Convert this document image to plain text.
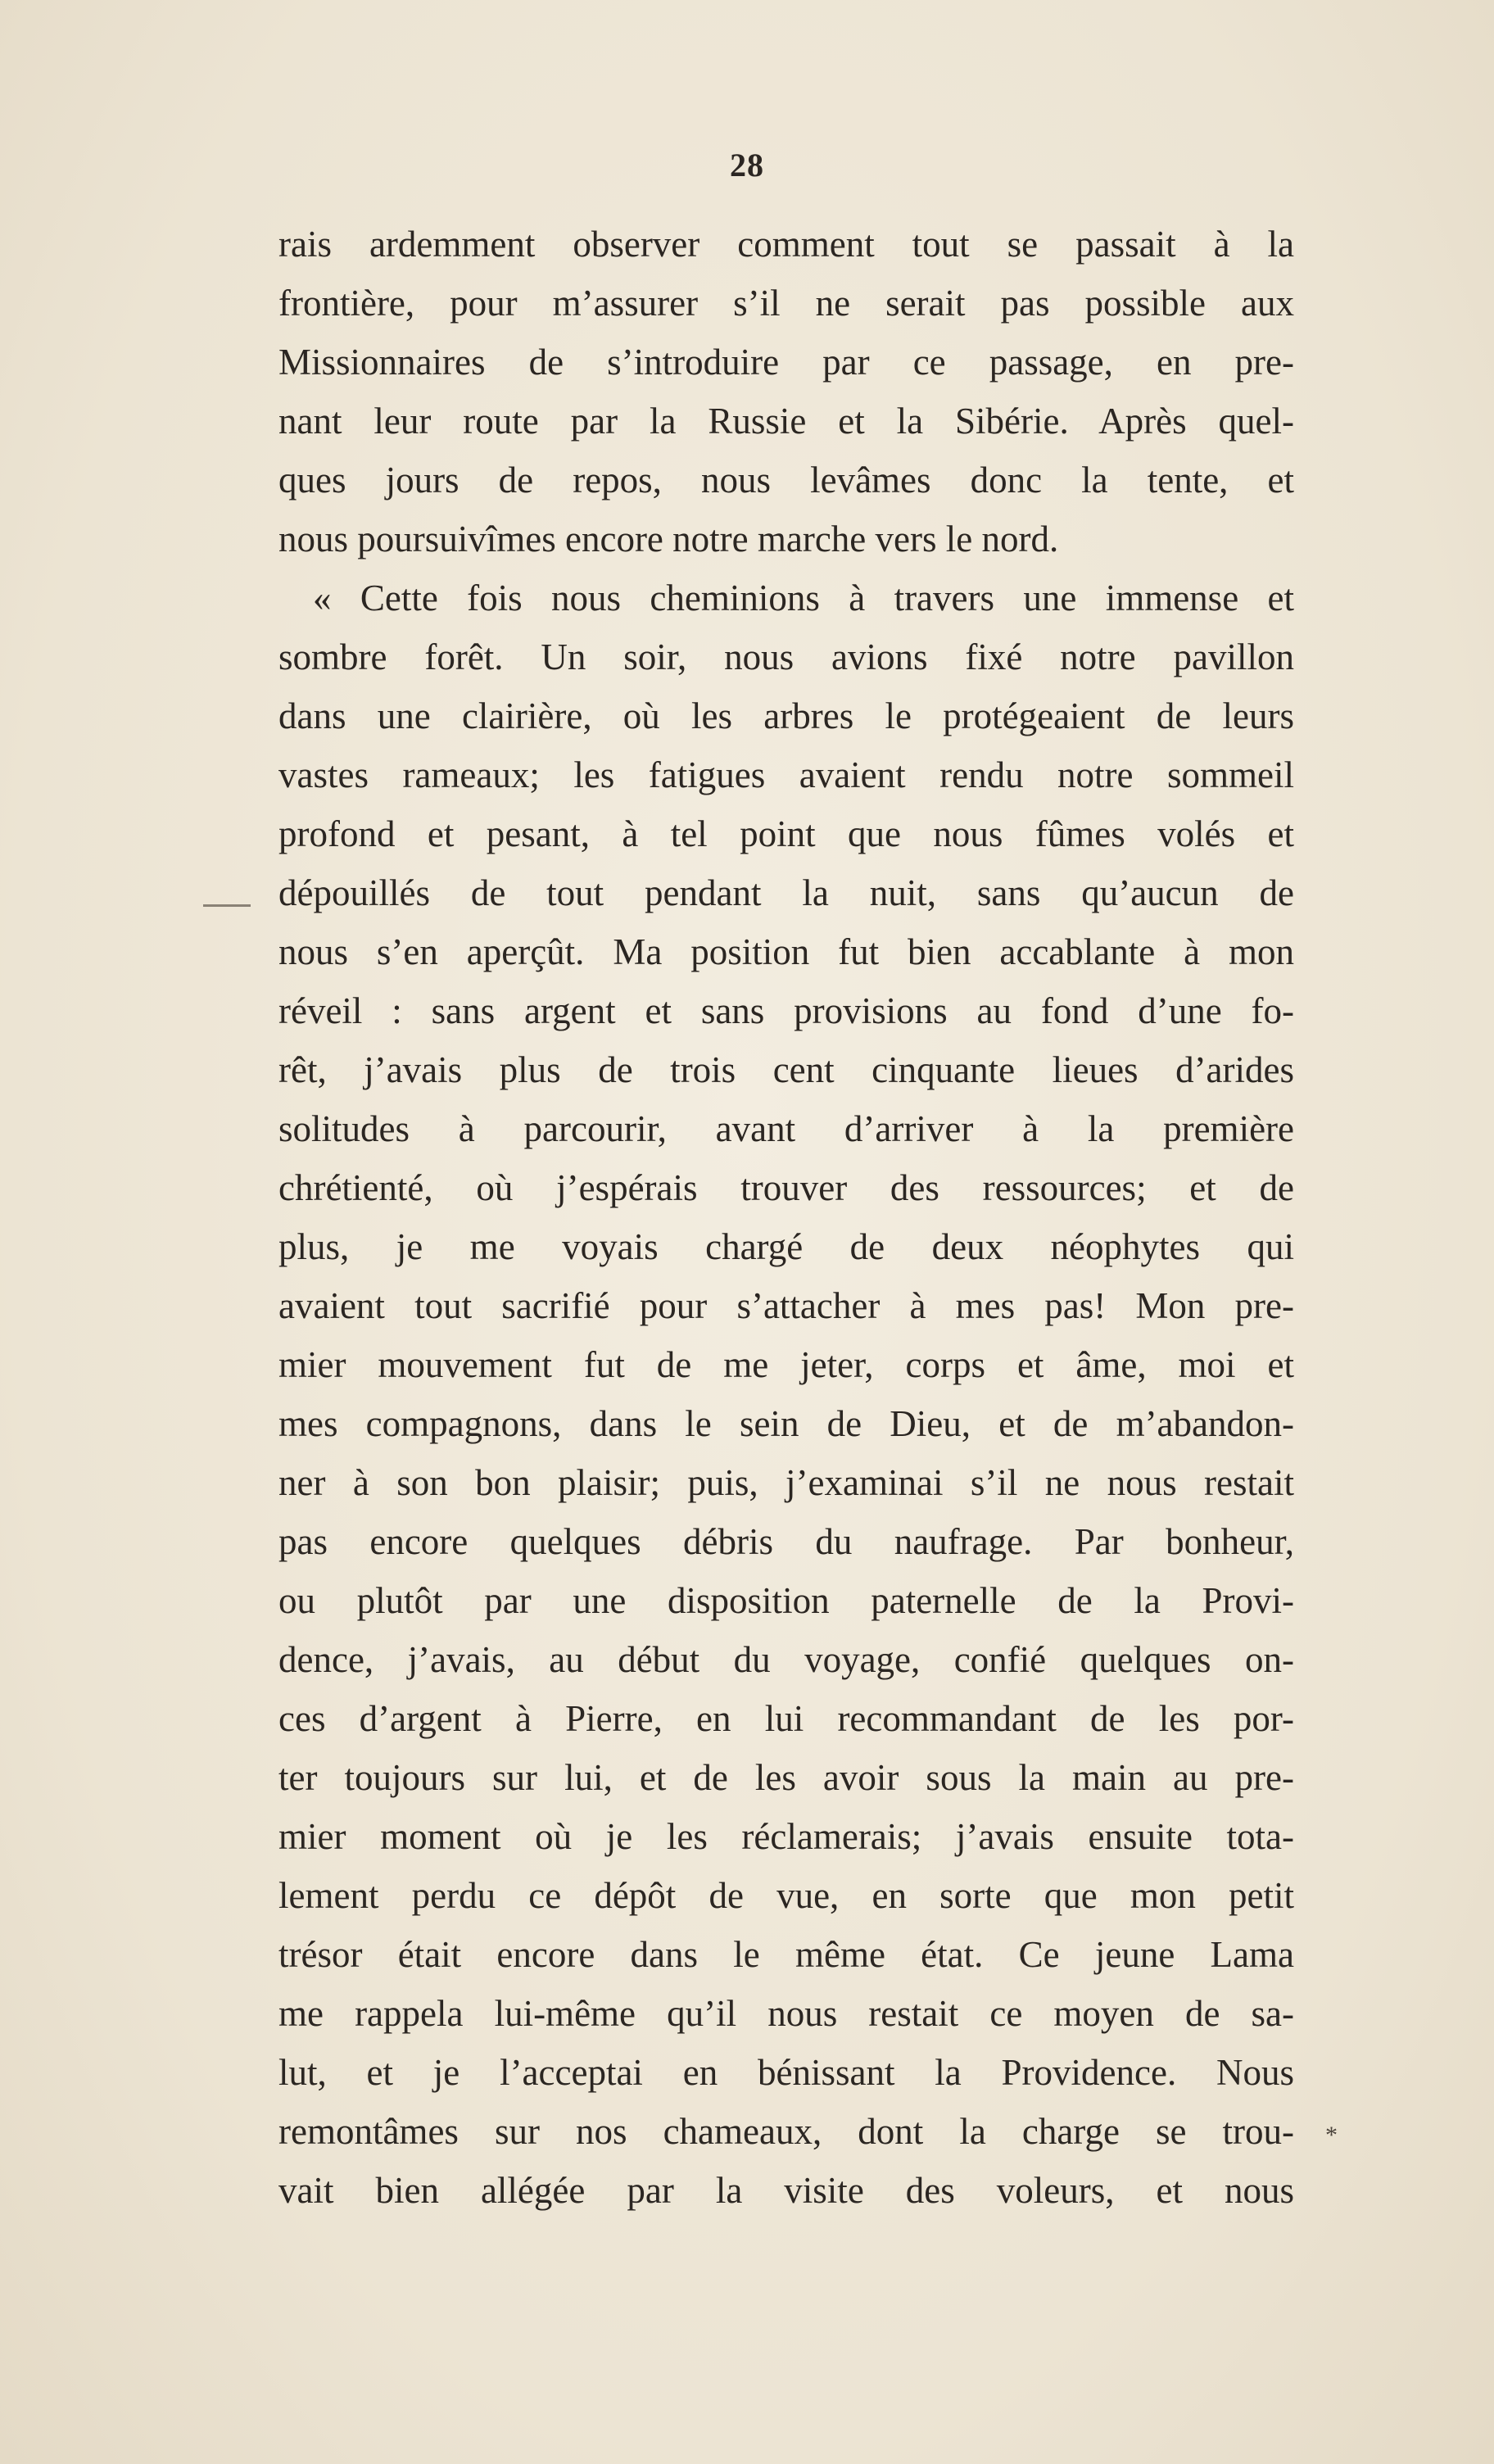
28
*
rais ardemment observer comment tout se passait à la
frontière, pour m’assurer s’il ne serait pas possible aux
Missionnaires de s’introduire par ce passage, en pre-
nant leur route par la Russie et la Sibérie. Après quel-
ques jours de repos, nous levâmes donc la tente, et
nous poursuivîmes encore notre marche vers le nord.
« Cette fois nous cheminions à travers une immense et
sombre forêt. Un soir, nous avions fixé notre pavillon
dans une clairière, où les arbres le protégeaient de leurs
vastes rameaux; les fatigues avaient rendu notre sommeil
profond et pesant, à tel point que nous fûmes volés et
dépouillés de tout pendant la nuit, sans qu’aucun de
nous s’en aperçût. Ma position fut bien accablante à mon
réveil : sans argent et sans provisions au fond d’une fo-
rêt, j’avais plus de trois cent cinquante lieues d’arides
solitudes à parcourir, avant d’arriver à la première
chrétienté, où j’espérais trouver des ressources; et de
plus, je me voyais chargé de deux néophytes qui
avaient tout sacrifié pour s’attacher à mes pas! Mon pre-
mier mouvement fut de me jeter, corps et âme, moi et
mes compagnons, dans le sein de Dieu, et de m’abandon-
ner à son bon plaisir; puis, j’examinai s’il ne nous restait
pas encore quelques débris du naufrage. Par bonheur,
ou plutôt par une disposition paternelle de la Provi-
dence, j’avais, au début du voyage, confié quelques on-
ces d’argent à Pierre, en lui recommandant de les por-
ter toujours sur lui, et de les avoir sous la main au pre-
mier moment où je les réclamerais; j’avais ensuite tota-
lement perdu ce dépôt de vue, en sorte que mon petit
trésor était encore dans le même état. Ce jeune Lama
me rappela lui-même qu’il nous restait ce moyen de sa-
lut, et je l’acceptai en bénissant la Providence. Nous
remontâmes sur nos chameaux, dont la charge se trou-
vait bien allégée par la visite des voleurs, et nous
